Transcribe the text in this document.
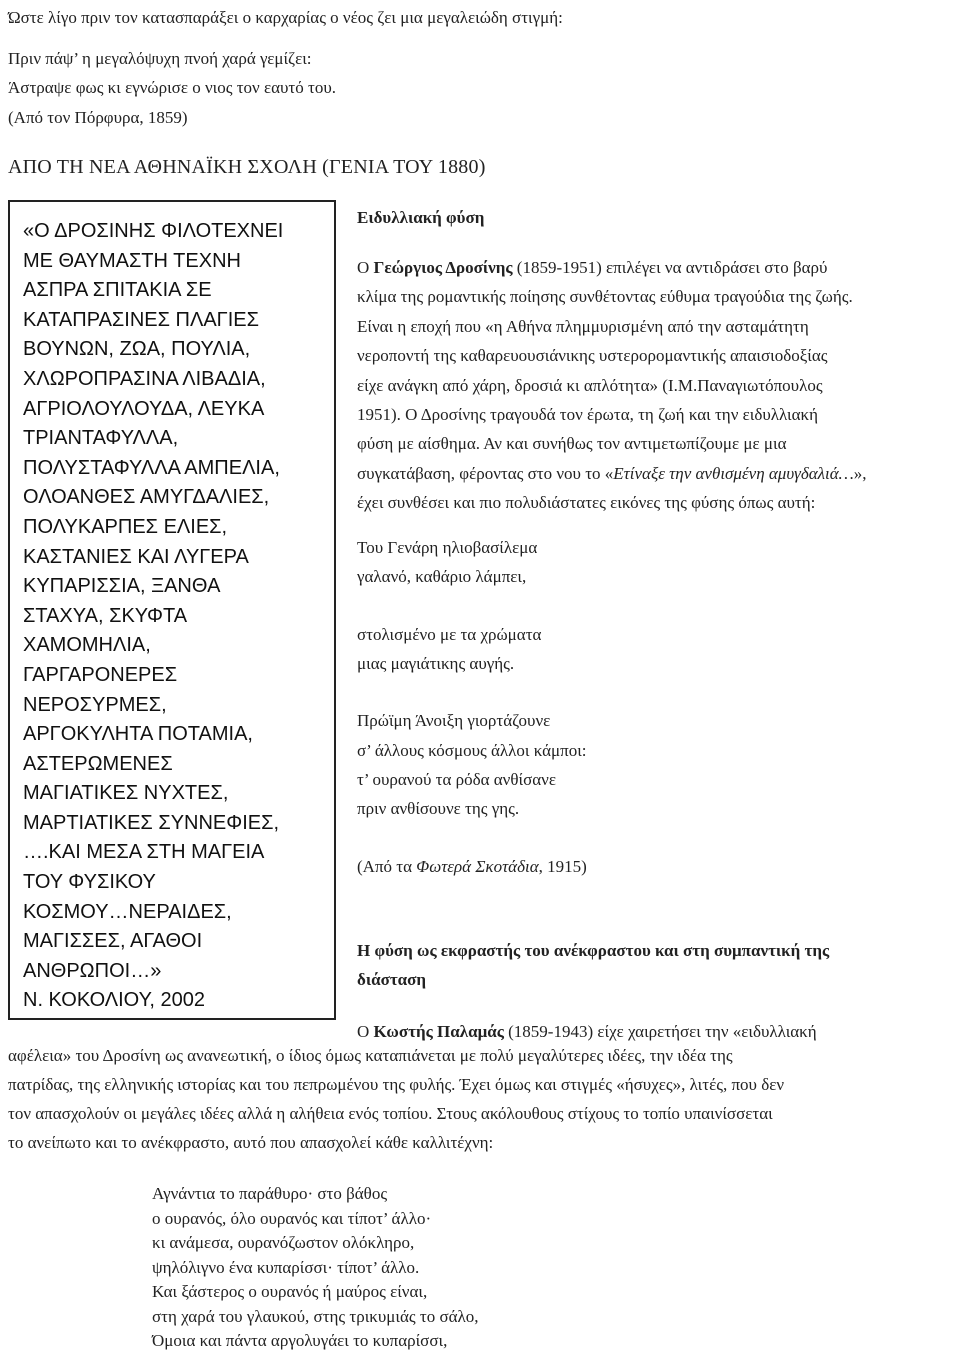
Ώστε λίγο πριν τον κατασπαράξει ο καρχαρίας ο νέος ζει μια μεγαλειώδη στιγμή:
Πριν πάψ’ η μεγαλόψυχη πνοή χαρά γεμίζει:
Άστραψε φως κι εγνώρισε ο νιος τον εαυτό του.
(Από τον Πόρφυρα, 1859)
ΑΠΟ ΤΗ ΝΕΑ ΑΘΗΝΑΪΚΗ ΣΧΟΛΗ (ΓΕΝΙΑ ΤΟΥ 1880)
«Ο ΔΡΟΣΙΝΗΣ ΦΙΛΟΤΕΧΝΕΙ
ΜΕ ΘΑΥΜΑΣΤΗ ΤΕΧΝΗ
ΑΣΠΡΑ ΣΠΙΤΑΚΙΑ ΣΕ
ΚΑΤΑΠΡΑΣΙΝΕΣ ΠΛΑΓΙΕΣ
ΒΟΥΝΩΝ, ΖΩΑ, ΠΟΥΛΙΑ,
ΧΛΩΡΟΠΡΑΣΙΝΑ ΛΙΒΑΔΙΑ,
ΑΓΡΙΟΛΟΥΛΟΥΔΑ, ΛΕΥΚΑ
ΤΡΙΑΝΤΑΦΥΛΛΑ,
ΠΟΛΥΣΤΑΦΥΛΛΑ ΑΜΠΕΛΙΑ,
ΟΛΟΑΝΘΕΣ ΑΜΥΓΔΑΛΙΕΣ,
ΠΟΛΥΚΑΡΠΕΣ ΕΛΙΕΣ,
ΚΑΣΤΑΝΙΕΣ ΚΑΙ ΛΥΓΕΡΑ
ΚΥΠΑΡΙΣΣΙΑ, ΞΑΝΘΑ
ΣΤΑΧΥΑ, ΣΚΥΦΤΑ
ΧΑΜΟΜΗΛΙΑ,
ΓΑΡΓΑΡΟΝΕΡΕΣ
ΝΕΡΟΣΥΡΜΕΣ,
ΑΡΓΟΚΥΛΗΤΑ ΠΟΤΑΜΙΑ,
ΑΣΤΕΡΩΜΕΝΕΣ
ΜΑΓΙΑΤΙΚΕΣ ΝΥΧΤΕΣ,
ΜΑΡΤΙΑΤΙΚΕΣ ΣΥΝΝΕΦΙΕΣ,
….ΚΑΙ ΜΕΣΑ ΣΤΗ ΜΑΓΕΙΑ
ΤΟΥ ΦΥΣΙΚΟΥ
ΚΟΣΜΟΥ…ΝΕΡΑΙΔΕΣ,
ΜΑΓΙΣΣΕΣ, ΑΓΑΘΟΙ
ΑΝΘΡΩΠΟΙ…»
Ν. ΚΟΚΟΛΙΟΥ, 2002
Ειδυλλιακή φύση
Ο Γεώργιος Δροσίνης (1859-1951) επιλέγει να αντιδράσει στο βαρύ
κλίμα της ρομαντικής ποίησης συνθέτοντας εύθυμα τραγούδια της ζωής.
Είναι η εποχή που «η Αθήνα πλημμυρισμένη από την ασταμάτητη
νεροποντή της καθαρευουσιάνικης υστερορομαντικής απαισιοδοξίας
είχε ανάγκη από χάρη, δροσιά κι απλότητα» (Ι.Μ.Παναγιωτόπουλος
1951). Ο Δροσίνης τραγουδά τον έρωτα, τη ζωή και την ειδυλλιακή
φύση με αίσθημα. Αν και συνήθως τον αντιμετωπίζουμε με μια
συγκατάβαση, φέροντας στο νου το «Ετίναξε την ανθισμένη αμυγδαλιά…»,
έχει συνθέσει και πιο πολυδιάστατες εικόνες της φύσης όπως αυτή:
Του Γενάρη ηλιοβασίλεμα
γαλανό, καθάριο λάμπει,
στολισμένο με τα χρώματα
μιας μαγιάτικης αυγής.
Πρώϊμη Άνοιξη γιορτάζουνε
σ’ άλλους κόσμους άλλοι κάμποι:
τ’ ουρανού τα ρόδα ανθίσανε
πριν ανθίσουνε της γης.
(Από τα Φωτερά Σκοτάδια, 1915)
Η φύση ως εκφραστής του ανέκφραστου και στη συμπαντική της
διάσταση
Ο Κωστής Παλαμάς (1859-1943) είχε χαιρετήσει την «ειδυλλιακή
αφέλεια» του Δροσίνη ως ανανεωτική, ο ίδιος όμως καταπιάνεται με πολύ μεγαλύτερες ιδέες, την ιδέα της
πατρίδας, της ελληνικής ιστορίας και του πεπρωμένου της φυλής. Έχει όμως και στιγμές «ήσυχες», λιτές, που δεν
τον απασχολούν οι μεγάλες ιδέες αλλά η αλήθεια ενός τοπίου. Στους ακόλουθους στίχους το τοπίο υπαινίσσεται
το ανείπωτο και το ανέκφραστο, αυτό που απασχολεί κάθε καλλιτέχνη:
Αγνάντια το παράθυρο· στο βάθος
ο ουρανός, όλο ουρανός και τίποτ’ άλλο·
κι ανάμεσα, ουρανόζωστον ολόκληρο,
ψηλόλιγνο ένα κυπαρίσσι· τίποτ’ άλλο.
Και ξάστερος ο ουρανός ή μαύρος είναι,
στη χαρά του γλαυκού, στης τρικυμιάς το σάλο,
Όμοια και πάντα αργολυγάει το κυπαρίσσι,
